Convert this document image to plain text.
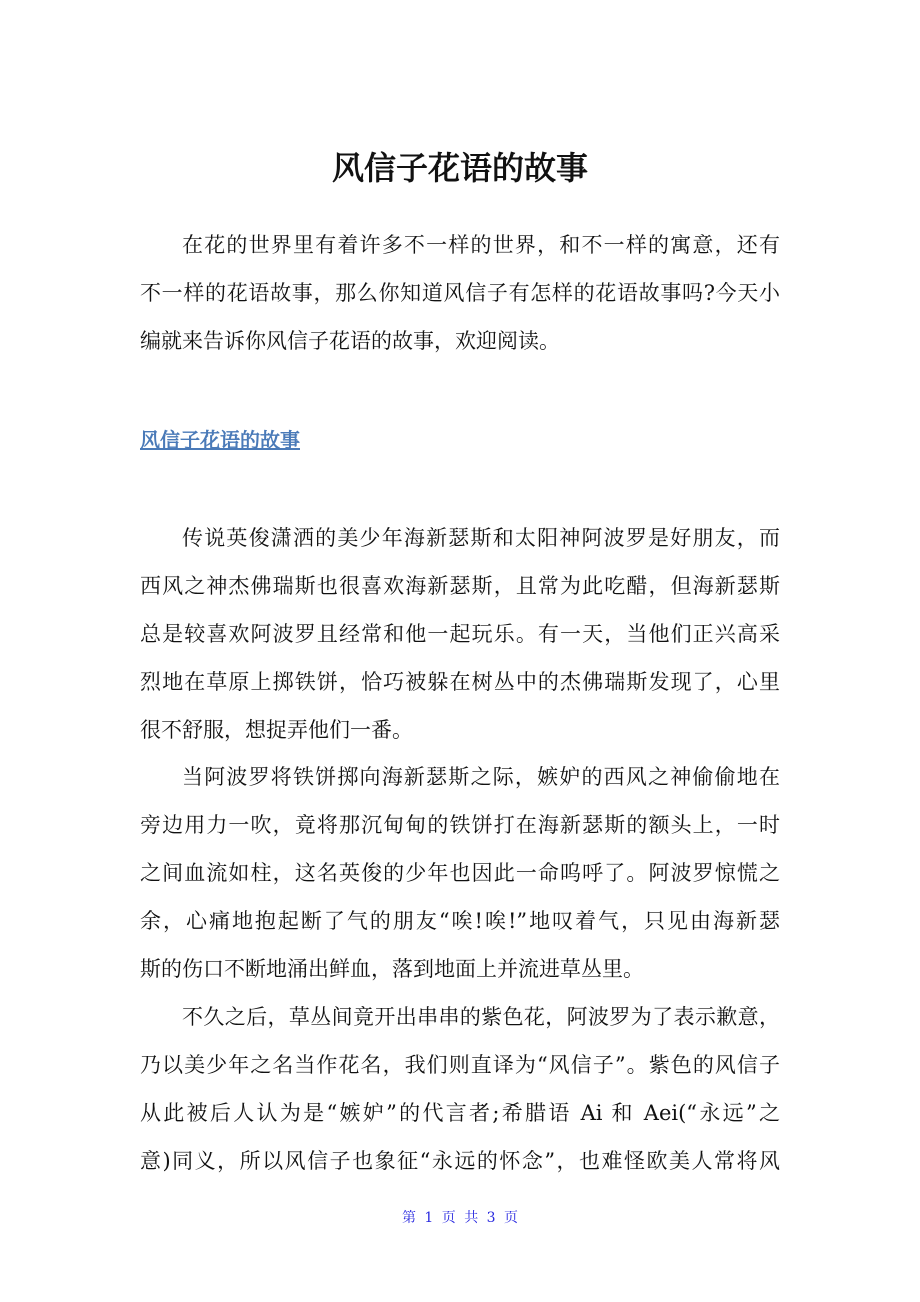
风信子花语的故事
在花的世界里有着许多不一样的世界，和不一样的寓意，还有
不一样的花语故事，那么你知道风信子有怎样的花语故事吗?今天小
编就来告诉你风信子花语的故事，欢迎阅读。
风信子花语的故事
传说英俊潇洒的美少年海新瑟斯和太阳神阿波罗是好朋友，而
西风之神杰佛瑞斯也很喜欢海新瑟斯，且常为此吃醋，但海新瑟斯
总是较喜欢阿波罗且经常和他一起玩乐。有一天，当他们正兴高采
烈地在草原上掷铁饼，恰巧被躲在树丛中的杰佛瑞斯发现了，心里
很不舒服，想捉弄他们一番。
当阿波罗将铁饼掷向海新瑟斯之际，嫉妒的西风之神偷偷地在
旁边用力一吹，竟将那沉甸甸的铁饼打在海新瑟斯的额头上，一时
之间血流如柱，这名英俊的少年也因此一命呜呼了。阿波罗惊慌之
余，心痛地抱起断了气的朋友“唉!唉!”地叹着气，只见由海新瑟
斯的伤口不断地涌出鲜血，落到地面上并流进草丛里。
不久之后，草丛间竟开出串串的紫色花，阿波罗为了表示歉意，
乃以美少年之名当作花名，我们则直译为“风信子”。紫色的风信子
从此被后人认为是“嫉妒”的代言者;希腊语 Ai 和 Aei(“永远”之
意)同义，所以风信子也象征“永远的怀念”，也难怪欧美人常将风
第 1 页 共 3 页
